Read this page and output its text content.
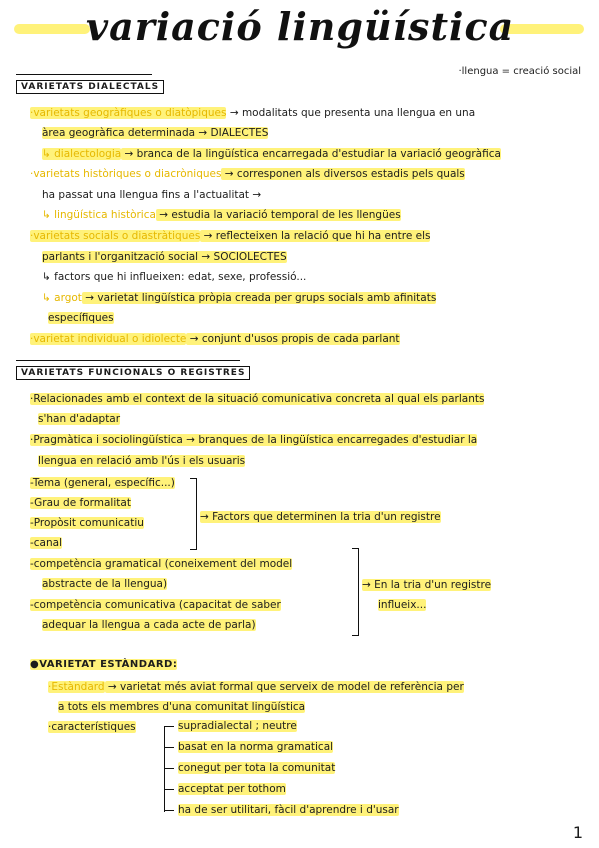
variació lingüística
·llengua = creació social
VARIETATS DIALECTALS
·varietats geogràfiques o diatòpiques → modalitats que presenta una llengua en una
àrea geogràfica determinada → DIALECTES
↳ dialectologia → branca de la lingüística encarregada d'estudiar la variació geogràfica
·varietats històriques o diacròniques → corresponen als diversos estadis pels quals
ha passat una llengua fins a l'actualitat →
↳ lingüística històrica → estudia la variació temporal de les llengües
·varietats socials o diastràtiques → reflecteixen la relació que hi ha entre els
parlants i l'organització social → SOCIOLECTES
↳ factors que hi influeixen: edat, sexe, professió...
↳ argot → varietat lingüística pròpia creada per grups socials amb afinitats
específiques
·varietat individual o idiolecte → conjunt d'usos propis de cada parlant
VARIETATS FUNCIONALS O REGISTRES
·Relacionades amb el context de la situació comunicativa concreta al qual els parlants
s'han d'adaptar
·Pragmàtica i sociolingüística → branques de la lingüística encarregades d'estudiar la
llengua en relació amb l'ús i els usuaris
-Tema (general, específic...)
-Grau de formalitat
-Propòsit comunicatiu
-canal
→ Factors que determinen la tria d'un registre
-competència gramatical (coneixement del model
abstracte de la llengua)
-competència comunicativa (capacitat de saber
adequar la llengua a cada acte de parla)
→ En la tria d'un registre
influeix...
●VARIETAT ESTÀNDARD:
·Estàndard → varietat més aviat formal que serveix de model de referència per
a tots els membres d'una comunitat lingüística
·característiques	supradialectal ; neutre
basat en la norma gramatical
conegut per tota la comunitat
acceptat per tothom
ha de ser utilitari, fàcil d'aprendre i d'usar
1
